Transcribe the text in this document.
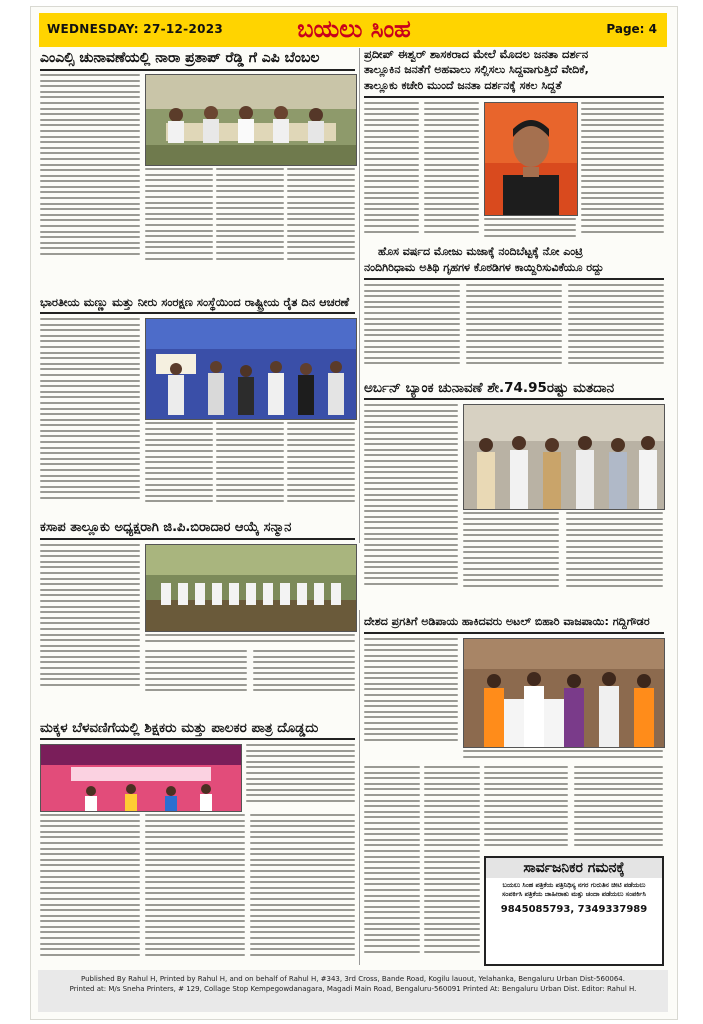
WEDNESDAY: 27-12-2023	ಬಯಲು ಸಿಂಹ	Page: 4
ಎಂಎಲ್ಸಿ ಚುನಾವಣೆಯಲ್ಲಿ ನಾರಾ ಪ್ರತಾಪ್ ರೆಡ್ಡಿ ಗೆ ಎಪಿ ಬೆಂಬಲ
ಭಾರತೀಯ ಮಣ್ಣು ಮತ್ತು ನೀರು ಸಂರಕ್ಷಣ ಸಂಸ್ಥೆಯಿಂದ ರಾಷ್ಟ್ರೀಯ ರೈತ ದಿನ ಆಚರಣೆ
ಕಸಾಪ ತಾಲ್ಲೂಕು ಅಧ್ಯಕ್ಷರಾಗಿ ಜಿ.ಪಿ.ಬಿರಾದಾರ ಆಯ್ಕೆ ಸನ್ಮಾನ
ಮಕ್ಕಳ ಬೆಳವಣಿಗೆಯಲ್ಲಿ ಶಿಕ್ಷಕರು ಮತ್ತು ಪಾಲಕರ ಪಾತ್ರ ದೊಡ್ಡದು
ಪ್ರದೀಪ್ ಈಶ್ವರ್ ಶಾಸಕರಾದ ಮೇಲೆ ಮೊದಲ ಜನತಾ ದರ್ಶನ
ತಾಲ್ಲೂಕಿನ ಜನತೆಗೆ ಅಹವಾಲು ಸಲ್ಲಿಸಲು ಸಿದ್ದವಾಗುತ್ತಿದೆ ವೇದಿಕೆ,
ತಾಲ್ಲೂಕು ಕಚೇರಿ ಮುಂದೆ ಜನತಾ ದರ್ಶನಕ್ಕೆ ಸಕಲ ಸಿದ್ದತೆ
ಹೊಸ ವರ್ಷದ ಮೋಜು ಮಜಾಕ್ಕೆ ನಂದಿಬೆಟ್ಟಕ್ಕೆ ನೋ ಎಂಟ್ರಿ
ನಂದಿಗಿರಿಧಾಮ ಅತಿಥಿ ಗೃಹಗಳ ಕೊಠಡಿಗಳ ಕಾಯ್ದಿರಿಸುವಿಕೆಯೂ ರದ್ದು
ಅರ್ಬನ್ ಬ್ಯಾಂಕ ಚುನಾವಣೆ ಶೇ.74.95ರಷ್ಟು ಮತದಾನ
ದೇಶದ ಪ್ರಗತಿಗೆ ಅಡಿಪಾಯ ಹಾಕಿದವರು ಅಟಲ್ ಬಿಹಾರಿ ವಾಜಪಾಯಿ: ಗದ್ದಿಗೌಡರ
ಸಾರ್ವಜನಿಕರ ಗಮನಕ್ಕೆ
ಬಯಲು ಸಿಂಹ ಪತ್ರಿಕೆಯ ಪತ್ರಿನಿಧಿಸ್ಯ ನಗರ ಗುರುತಿನ ಚೀಟಿ ಪಡೆಯಲು ಸಂಪರ್ಕಿಸಿ ಪತ್ರಿಕೆಯ ಜಾಹೀರಾತು ಮತ್ತು ಚಂದಾ ಪಡೆಯಲು ಸಂಪರ್ಕಿಸಿ
9845085793, 7349337989
Published By Rahul H, Printed by Rahul H, and on behalf of Rahul H, #343, 3rd Cross, Bande Road, Kogilu lauout, Yelahanka, Bengaluru Urban Dist-560064.
Printed at: M/s Sneha Printers, # 129, Collage Stop Kempegowdanagara, Magadi Main Road, Bengaluru-560091 Printed At: Bengaluru Urban Dist. Editor: Rahul H.
